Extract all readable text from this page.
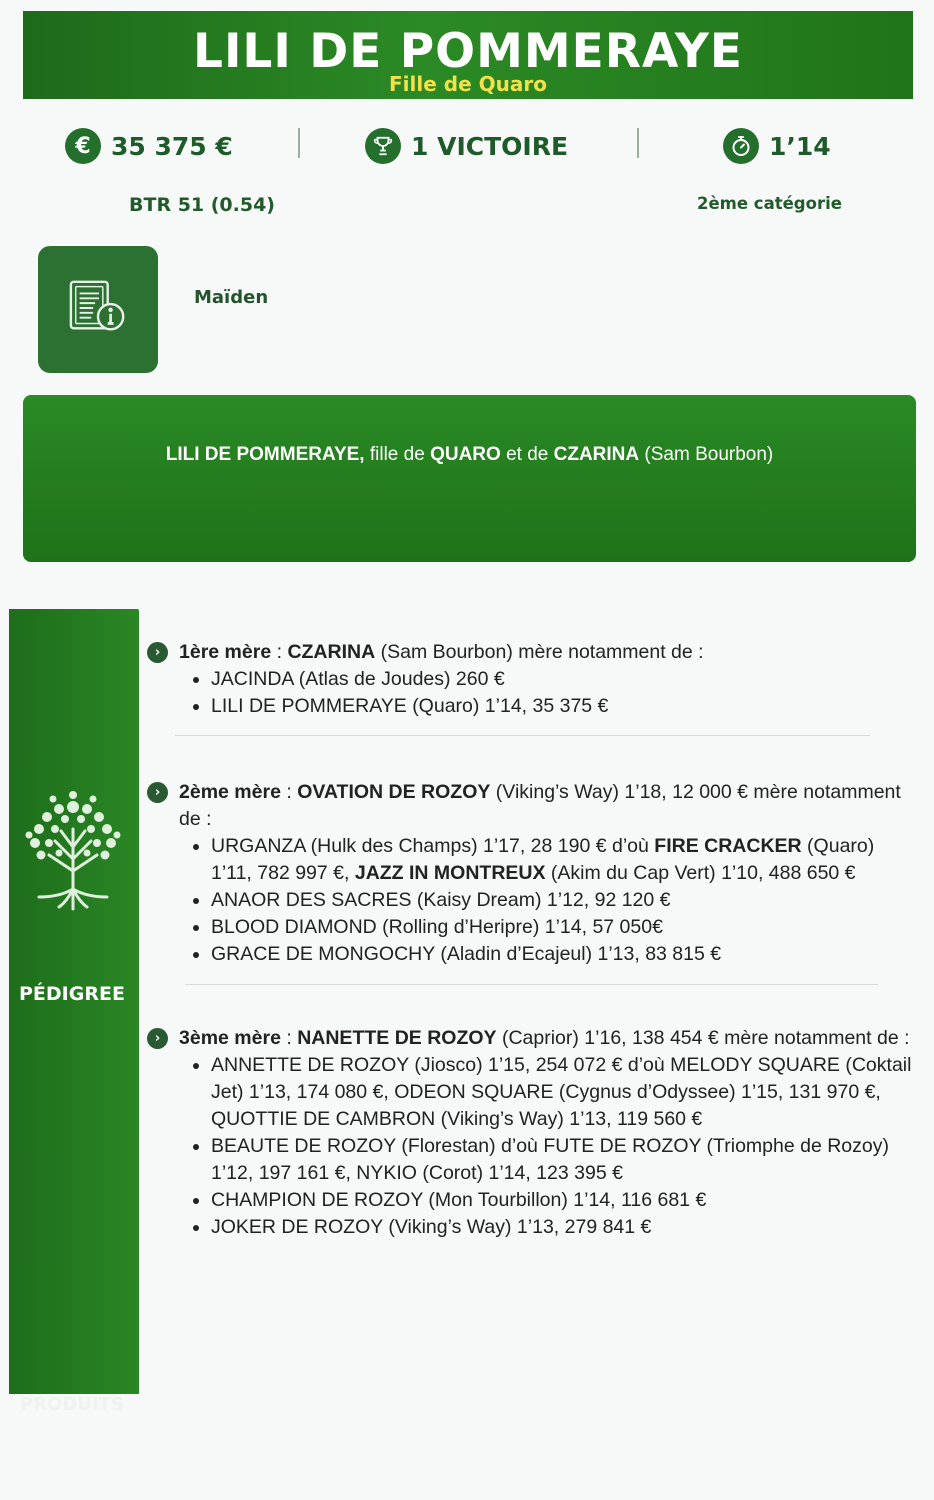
LILI DE POMMERAYE
Fille de Quaro
€ 35 375 €	1 VICTOIRE	1’14
BTR 51 (0.54)	2ème catégorie
Maïden
LILI DE POMMERAYE, fille de QUARO et de CZARINA (Sam Bourbon)
PÉDIGREE
PRODUITS
› 1ère mère : CZARINA (Sam Bourbon) mère notamment de :
• JACINDA (Atlas de Joudes) 260 €
• LILI DE POMMERAYE (Quaro) 1’14, 35 375 €
› 2ème mère : OVATION DE ROZOY (Viking’s Way) 1’18, 12 000 € mère notamment de :
• URGANZA (Hulk des Champs) 1’17, 28 190 € d’où FIRE CRACKER (Quaro) 1’11, 782 997 €, JAZZ IN MONTREUX (Akim du Cap Vert) 1’10, 488 650 €
• ANAOR DES SACRES (Kaisy Dream) 1’12, 92 120 €
• BLOOD DIAMOND (Rolling d’Heripre) 1’14, 57 050€
• GRACE DE MONGOCHY (Aladin d’Ecajeul) 1’13, 83 815 €
› 3ème mère : NANETTE DE ROZOY (Caprior) 1’16, 138 454 € mère notamment de :
• ANNETTE DE ROZOY (Jiosco) 1’15, 254 072 € d’où MELODY SQUARE (Coktail Jet) 1’13, 174 080 €, ODEON SQUARE (Cygnus d’Odyssee) 1’15, 131 970 €, QUOTTIE DE CAMBRON (Viking’s Way) 1’13, 119 560 €
• BEAUTE DE ROZOY (Florestan) d’où FUTE DE ROZOY (Triomphe de Rozoy) 1’12, 197 161 €, NYKIO (Corot) 1’14, 123 395 €
• CHAMPION DE ROZOY (Mon Tourbillon) 1’14, 116 681 €
• JOKER DE ROZOY (Viking’s Way) 1’13, 279 841 €
